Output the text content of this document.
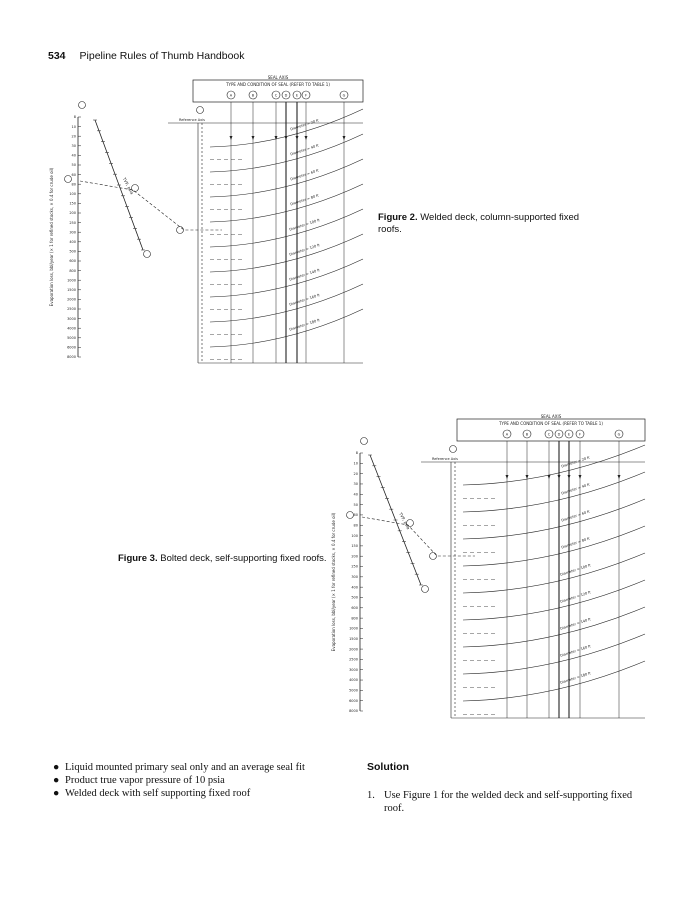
534 Pipeline Rules of Thumb Handbook
Evaporation loss, bbl/year (× 1 for refined stocks, × 0.4 for crude oil)
8
10
20
30
40
50
60
80
100
150
200
250
300
400
500
600
800
1000
1500
2000
2500
3000
4000
5000
6000
8000
TVP, psia
SEAL AXIS
TYPE AND CONDITION OF SEAL (REFER TO TABLE 1)
A	B	C D E F	G
Reference Axis	Diameter = 20 ft
Diameter = 40 ft
Diameter = 60 ft
Diameter = 80 ft
Diameter = 100 ft
Diameter = 120 ft
Diameter = 140 ft
Diameter = 160 ft
Diameter = 180 ft
Figure 2. Welded deck, column-supported fixed roofs.
Evaporation loss, bbl/year (× 1 for refined stocks, × 0.4 for crude oil)
8
10
20
30
40
50
60
80
100
150
200
250
300
400
500
600
800
1000
1500
2000
2500
3000
4000
5000
6000
8000
TVP, psia
SEAL AXIS
TYPE AND CONDITION OF SEAL (REFER TO TABLE 1)
A	B	C D E	F	G
Reference Axis	Diameter = 20 ft
Diameter = 40 ft
Diameter = 60 ft
Diameter = 80 ft
Diameter = 100 ft
Diameter = 120 ft
Diameter = 140 ft
Diameter = 160 ft
Diameter = 180 ft
Figure 3. Bolted deck, self-supporting fixed roofs.
● Liquid mounted primary seal only and an average seal fit
● Product true vapor pressure of 10 psia
● Welded deck with self supporting fixed roof
Solution
1. Use Figure 1 for the welded deck and self-supporting fixed roof.
